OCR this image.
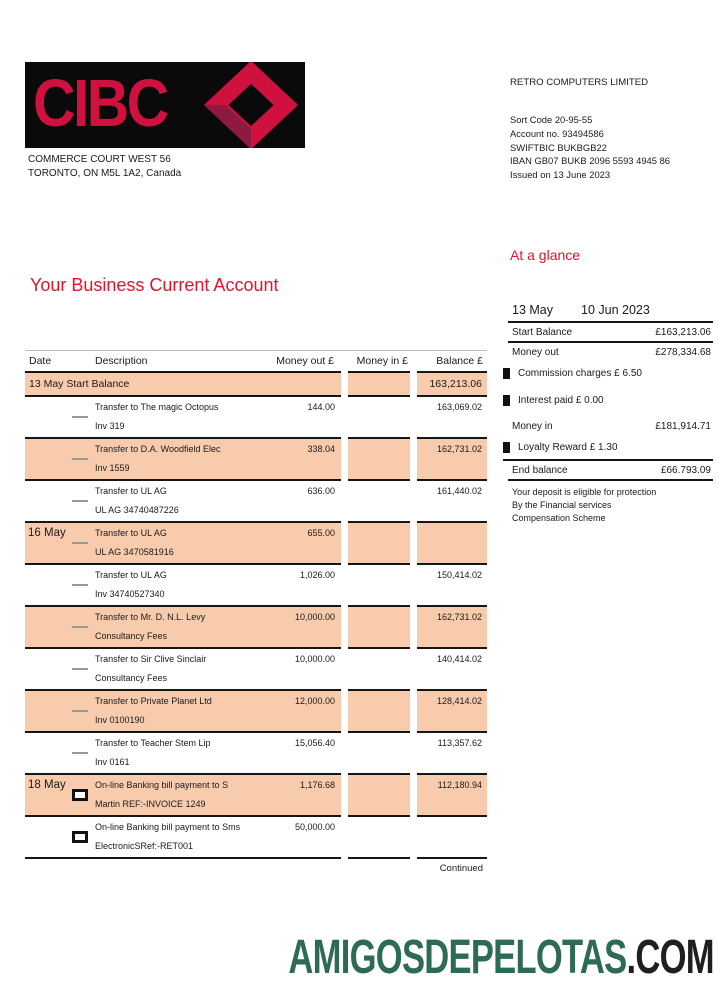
CIBC
COMMERCE COURT WEST 56
TORONTO, ON M5L 1A2, Canada
RETRO COMPUTERS LIMITED
Sort Code 20-95-55
Account no. 93494586
SWIFTBIC BUKBGB22
IBAN GB07 BUKB 2096 5593 4945 86
Issued on 13 June 2023
At a glance
Your Business Current Account
13 May 10 Jun 2023
Start Balance	£163,213.06
Money out	£278,334.68
Commission charges £ 6.50
Interest paid £ 0.00
Money in	£181,914.71
Loyalty Reward £ 1.30
End balance	£66.793.09
Your deposit is eligible for protection
By the Financial services
Compensation Scheme
Date	Description	Money out £ Money in £	Balance £
13 May Start Balance	163,213.06
Transfer to The magic Octopus
Inv 319
144.00	163,069.02
Transfer to D.A. Woodfield Elec
Inv 1559
338.04	162,731.02
Transfer to UL AG
UL AG 34740487226
636.00	161,440.02
16 May	Transfer to UL AG
UL AG 3470581916
655.00
Transfer to UL AG
Inv 34740527340
1,026.00	150,414.02
Transfer to Mr. D. N.L. Levy
Consultancy Fees
10,000.00	162,731.02
Transfer to Sir Clive Sinclair
Consultancy Fees
10,000.00	140,414.02
Transfer to Private Planet Ltd
Inv 0100190
12,000.00	128,414.02
Transfer to Teacher Stem Lip
Inv 0161
15,056.40	113,357.62
18 May	On-line Banking bill payment to S
Martin REF:-INVOICE 1249
1,176.68	112,180.94
On-line Banking bill payment to Sms
ElectronicSRef:-RET001
50,000.00
Continued
AMIGOSDEPELOTAS.COM
